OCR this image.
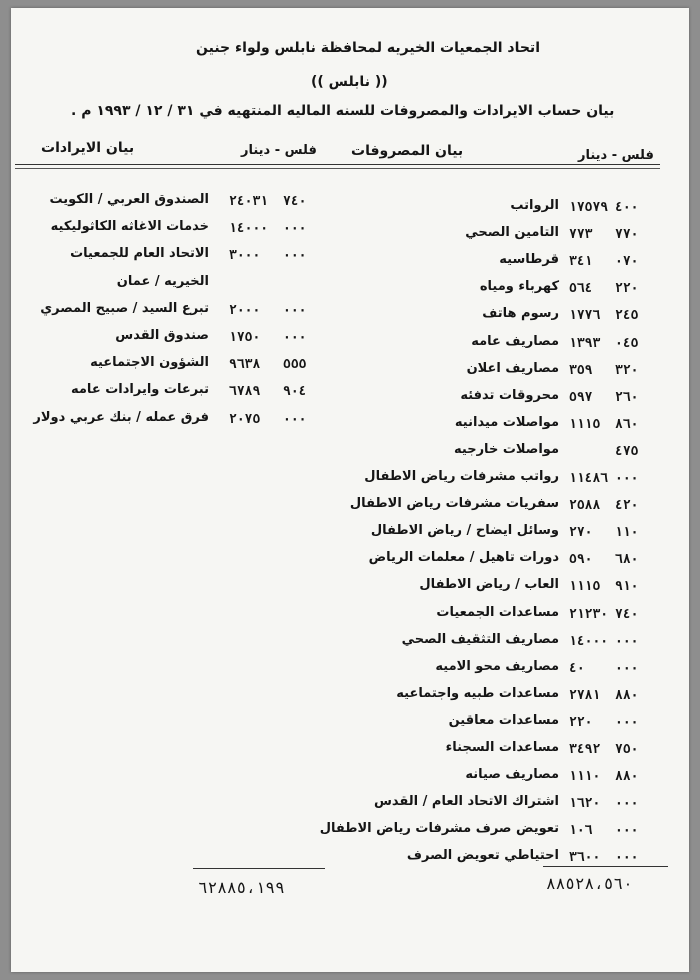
اتحاد الجمعيات الخيريه لمحافظة نابلس ولواء جنين
(( نابلس ))
بيان حساب الايرادات والمصروفات للسنه الماليه المنتهيه في ٣١ / ١٢ / ١٩٩٣ م .
فلس - دينار
بيان المصروفات
فلس - دينار
بيان الايرادات
٤٠٠
١٧٥٧٩
الرواتب
٧٧٠
٧٧٣
التامين الصحي
٠٧٠
٣٤١
قرطاسيه
٢٢٠
٥٦٤
كهرباء ومياه
٢٤٥
١٧٧٦
رسوم هاتف
٠٤٥
١٣٩٣
مصاريف عامه
٣٢٠
٣٥٩
مصاريف اعلان
٢٦٠
٥٩٧
محروقات تدفئه
٨٦٠
١١١٥
مواصلات ميدانيه
٤٧٥
مواصلات خارجيه
٠٠٠
١١٤٨٦
رواتب مشرفات رياض الاطفال
٤٢٠
٢٥٨٨
سفريات مشرفات رياض الاطفال
١١٠
٢٧٠
وسائل ايضاح / رياض الاطفال
٦٨٠
٥٩٠
دورات تاهيل / معلمات الرياض
٩١٠
١١١٥
العاب / رياض الاطفال
٧٤٠
٢١٢٣٠
مساعدات الجمعيات
٠٠٠
١٤٠٠٠
مصاريف التثقيف الصحي
٠٠٠
٤٠
مصاريف محو الاميه
٨٨٠
٢٧٨١
مساعدات طبيه واجتماعيه
٠٠٠
٢٢٠
مساعدات معاقين
٧٥٠
٣٤٩٢
مساعدات السجناء
٨٨٠
١١١٠
مصاريف صيانه
٠٠٠
١٦٢٠
اشتراك الاتحاد العام / القدس
٠٠٠
١٠٦
تعويض صرف مشرفات رياض الاطفال
٠٠٠
٣٦٠٠
احتياطي تعويض الصرف
٧٤٠
٢٤٠٣١
الصندوق العربي / الكويت
٠٠٠
١٤٠٠٠
خدمات الاغاثه الكاثوليكيه
٠٠٠
٣٠٠٠
الاتحاد العام للجمعيات
الخيريه / عمان
٠٠٠
٢٠٠٠
تبرع السيد / صبيح المصري
٠٠٠
١٧٥٠
صندوق القدس
٥٥٥
٩٦٣٨
الشؤون الاجتماعيه
٩٠٤
٦٧٨٩
تبرعات وايرادات عامه
٠٠٠
٢٠٧٥
فرق عمله / بنك عربي دولار
٦٢٨٨٥،١٩٩	٨٨٥٢٨،٥٦٠
